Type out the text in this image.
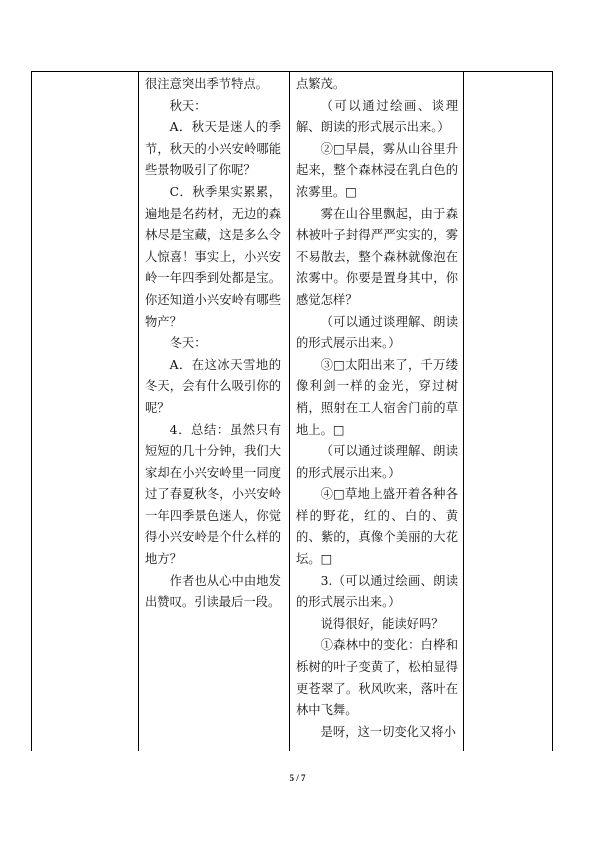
很注意突出季节特点。

秋天：

A．秋天是迷人的季节，秋天的小兴安岭哪能些景物吸引了你呢？

C．秋季果实累累，遍地是名药材，无边的森林尽是宝藏，这是多么令人惊喜！事实上，小兴安岭一年四季到处都是宝。你还知道小兴安岭有哪些物产？

冬天：

A．在这冰天雪地的冬天，会有什么吸引你的呢？

4．总结：虽然只有短短的几十分钟，我们大家却在小兴安岭里一同度过了春夏秋冬，小兴安岭一年四季景色迷人，你觉得小兴安岭是个什么样的地方？

作者也从心中由地发出赞叹。引读最后一段。

点繁茂。

（可以通过绘画、谈理解、朗读的形式展示出来。）

②□早晨，雾从山谷里升起来，整个森林浸在乳白色的浓雾里。□

雾在山谷里飘起，由于森林被叶子封得严严实实的，雾不易散去，整个森林就像泡在浓雾中。你要是置身其中，你感觉怎样？

（可以通过谈理解、朗读的形式展示出来。）

③□太阳出来了，千万缕像利剑一样的金光，穿过树梢，照射在工人宿舍门前的草地上。□

（可以通过谈理解、朗读的形式展示出来。）

④□草地上盛开着各种各样的野花，红的、白的、黄的、紫的，真像个美丽的大花坛。□

3.（可以通过绘画、朗读的形式展示出来。）

说得很好，能读好吗？

①森林中的变化：白桦和栎树的叶子变黄了，松柏显得更苍翠了。秋风吹来，落叶在林中飞舞。

是呀，这一切变化又将小

5 / 7
